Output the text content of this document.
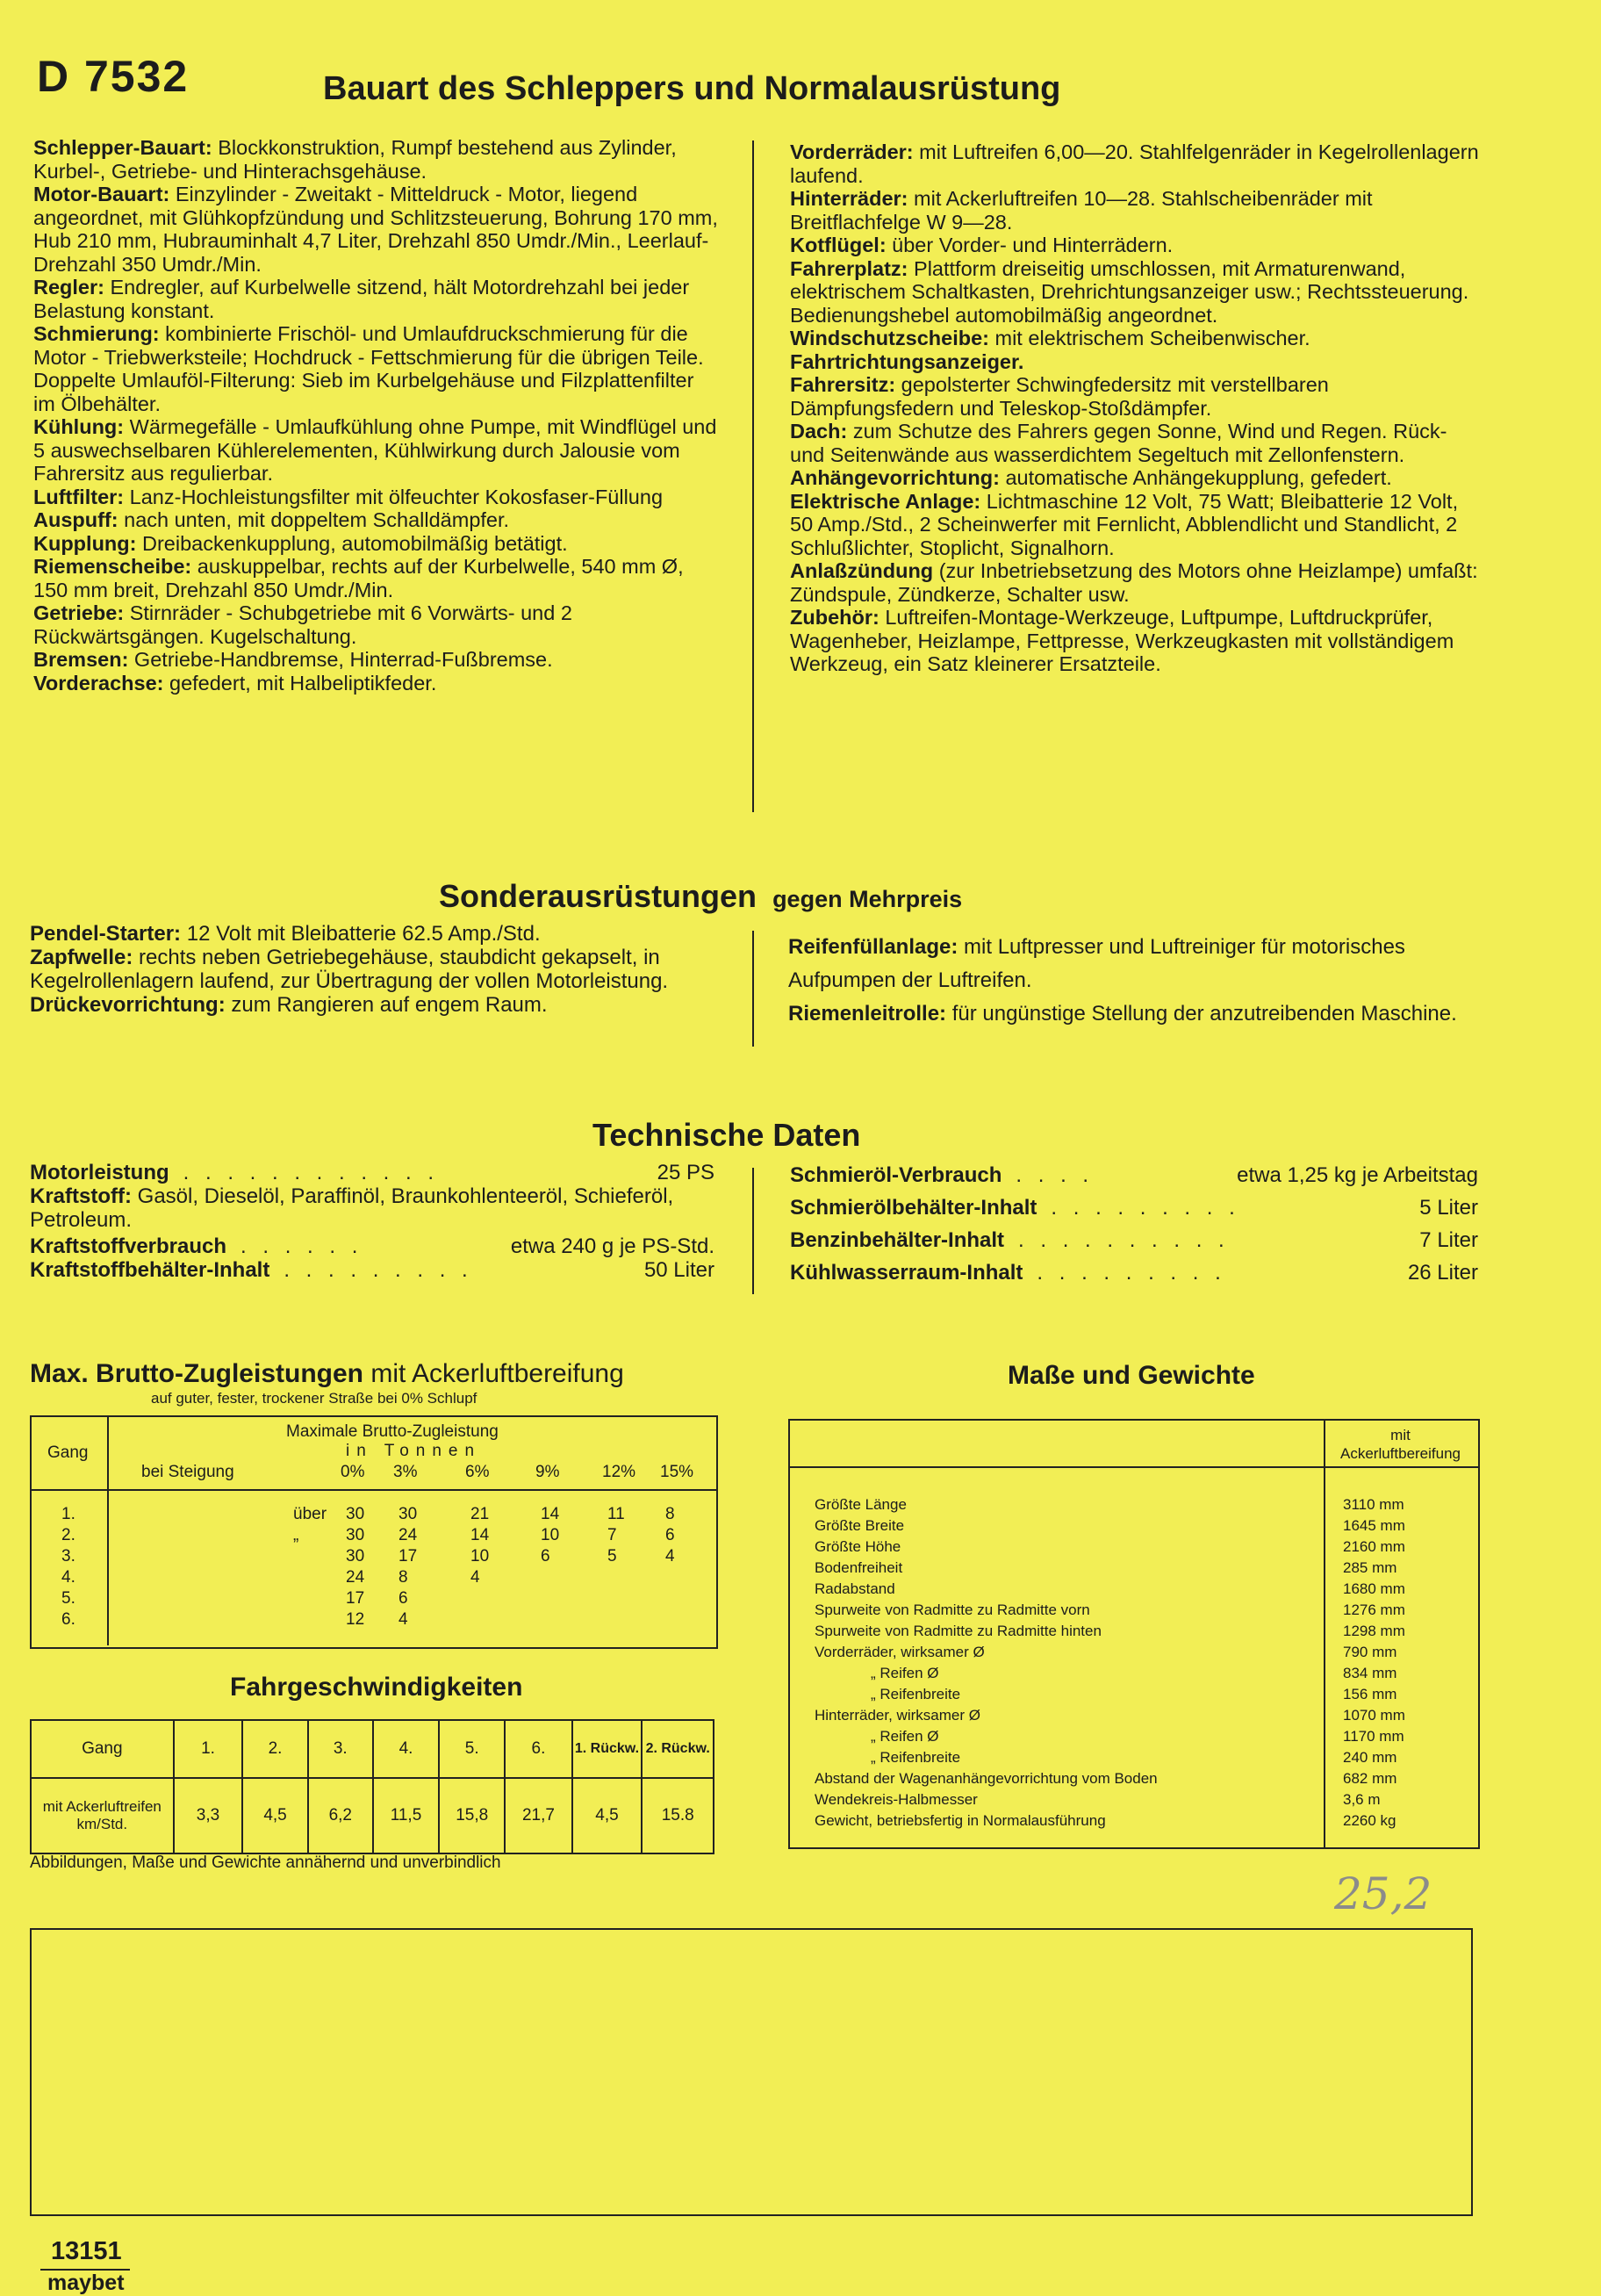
D 7532	Bauart des Schleppers und Normalausrüstung

Schlepper-Bauart: Blockkonstruktion, Rumpf bestehend aus Zylinder, Kurbel-, Getriebe- und Hinterachsgehäuse.

Motor-Bauart: Einzylinder - Zweitakt - Mitteldruck - Motor, liegend angeordnet, mit Glühkopfzündung und Schlitzsteuerung, Bohrung 170 mm, Hub 210 mm, Hubrauminhalt 4,7 Liter, Drehzahl 850 Umdr./Min., Leerlauf-Drehzahl 350 Umdr./Min.

Regler: Endregler, auf Kurbelwelle sitzend, hält Motordrehzahl bei jeder Belastung konstant.

Schmierung: kombinierte Frischöl- und Umlaufdruckschmierung für die Motor - Triebwerksteile; Hochdruck - Fettschmierung für die übrigen Teile. Doppelte Umlauföl-Filterung: Sieb im Kurbelgehäuse und Filzplattenfilter im Ölbehälter.

Kühlung: Wärmegefälle - Umlaufkühlung ohne Pumpe, mit Windflügel und 5 auswechselbaren Kühlerelementen, Kühlwirkung durch Jalousie vom Fahrersitz aus regulierbar.

Luftfilter: Lanz-Hochleistungsfilter mit ölfeuchter Kokosfaser-Füllung

Auspuff: nach unten, mit doppeltem Schalldämpfer.

Kupplung: Dreibackenkupplung, automobilmäßig betätigt.

Riemenscheibe: auskuppelbar, rechts auf der Kurbelwelle, 540 mm Ø, 150 mm breit, Drehzahl 850 Umdr./Min.

Getriebe: Stirnräder - Schubgetriebe mit 6 Vorwärts- und 2 Rückwärtsgängen. Kugelschaltung.

Bremsen: Getriebe-Handbremse, Hinterrad-Fußbremse.

Vorderachse: gefedert, mit Halbeliptikfeder.

Vorderräder: mit Luftreifen 6,00—20. Stahlfelgenräder in Kegelrollenlagern laufend.

Hinterräder: mit Ackerluftreifen 10—28. Stahlscheibenräder mit Breitflachfelge W 9—28.

Kotflügel: über Vorder- und Hinterrädern.

Fahrerplatz: Plattform dreiseitig umschlossen, mit Armaturenwand, elektrischem Schaltkasten, Drehrichtungsanzeiger usw.; Rechtssteuerung. Bedienungshebel automobilmäßig angeordnet.

Windschutzscheibe: mit elektrischem Scheibenwischer.

Fahrtrichtungsanzeiger.

Fahrersitz: gepolsterter Schwingfedersitz mit verstellbaren Dämpfungsfedern und Teleskop-Stoßdämpfer.

Dach: zum Schutze des Fahrers gegen Sonne, Wind und Regen. Rück- und Seitenwände aus wasserdichtem Segeltuch mit Zellonfenstern.

Anhängevorrichtung: automatische Anhängekupplung, gefedert.

Elektrische Anlage: Lichtmaschine 12 Volt, 75 Watt; Bleibatterie 12 Volt, 50 Amp./Std., 2 Scheinwerfer mit Fernlicht, Abblendlicht und Standlicht, 2 Schlußlichter, Stoplicht, Signalhorn.

Anlaßzündung (zur Inbetriebsetzung des Motors ohne Heizlampe) umfaßt: Zündspule, Zündkerze, Schalter usw.

Zubehör: Luftreifen-Montage-Werkzeuge, Luftpumpe, Luftdruckprüfer, Wagenheber, Heizlampe, Fettpresse, Werkzeugkasten mit vollständigem Werkzeug, ein Satz kleinerer Ersatzteile.

Sonderausrüstungen gegen Mehrpreis

Pendel-Starter: 12 Volt mit Bleibatterie 62.5 Amp./Std.

Zapfwelle: rechts neben Getriebegehäuse, staubdicht gekapselt, in Kegelrollenlagern laufend, zur Übertragung der vollen Motorleistung.

Drückevorrichtung: zum Rangieren auf engem Raum.

Reifenfüllanlage: mit Luftpresser und Luftreiniger für motorisches Aufpumpen der Luftreifen.

Riemenleitrolle: für ungünstige Stellung der anzutreibenden Maschine.

Technische Daten
Motorleistung . . . . . . . . . . . .	25 PS
Kraftstoff: Gasöl, Dieselöl, Paraffinöl, Braunkohlenteeröl, Schieferöl, Petroleum.
Kraftstoffverbrauch . . . . . .	etwa 240 g je PS-Std.
Kraftstoffbehälter-Inhalt . . . . . . . . .	50 Liter
Schmieröl-Verbrauch . . . .	etwa 1,25 kg je Arbeitstag
Schmierölbehälter-Inhalt . . . . . . . . .	5 Liter
Benzinbehälter-Inhalt . . . . . . . . . .	7 Liter
Kühlwasserraum-Inhalt . . . . . . . . .	26 Liter
Max. Brutto-Zugleistungen mit Ackerluftbereifung
auf guter, fester, trockener Straße bei 0% Schlupf
Gang
Maximale Brutto-Zugleistung
in Tonnen
bei Steigung	0% 3%	6%	9%	12% 15%
1.	über 30 30	21	14	11 8
2.	„	30 24	14	10	7	6
3.	30 17	10	6	5	4
4.	24 8	4
5.	17 6
6.	12 4
Fahrgeschwindigkeiten
Gang	1.	2.	3.	4.	5.	6.	1. Rückw.	2. Rückw.
mit Ackerluftreifen km/Std.	3,3	4,5	6,2	11,5	15,8	21,7	4,5	15.8
Abbildungen, Maße und Gewichte annähernd und unverbindlich
Maße und Gewichte
mit Ackerluftbereifung
Größte Länge	3110 mm
Größte Breite	1645 mm
Größte Höhe	2160 mm
Bodenfreiheit	285 mm
Radabstand	1680 mm
Spurweite von Radmitte zu Radmitte vorn	1276 mm
Spurweite von Radmitte zu Radmitte hinten	1298 mm
Vorderräder, wirksamer Ø	790 mm
„ Reifen Ø	834 mm
„ Reifenbreite	156 mm
Hinterräder, wirksamer Ø	1070 mm
„ Reifen Ø	1170 mm
„ Reifenbreite	240 mm
Abstand der Wagenanhängevorrichtung vom Boden	682 mm
Wendekreis-Halbmesser	3,6 m
Gewicht, betriebsfertig in Normalausführung	2260 kg
25,2
13151
maybet
